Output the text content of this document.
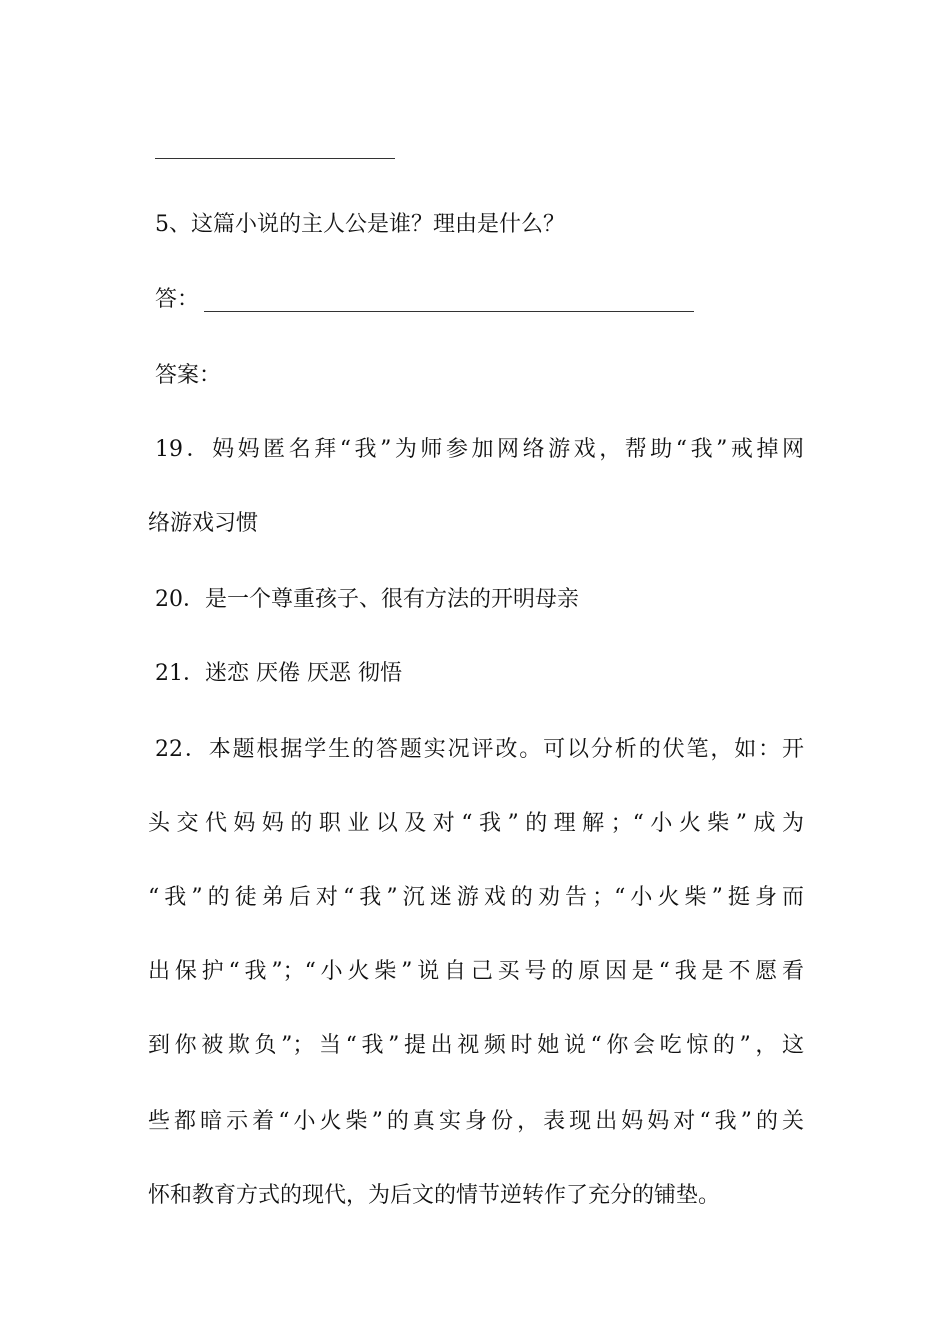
5、这篇小说的主人公是谁？理由是什么？
答：
答案：
19．妈妈匿名拜“我”为师参加网络游戏，帮助“我”戒掉网
络游戏习惯
20．是一个尊重孩子、很有方法的开明母亲
21．迷恋 厌倦 厌恶 彻悟
22．本题根据学生的答题实况评改。可以分析的伏笔，如：开
头交代妈妈的职业以及对“我”的理解；“小火柴”成为
“我”的徒弟后对“我”沉迷游戏的劝告；“小火柴”挺身而
出保护“我”；“小火柴”说自己买号的原因是“我是不愿看
到你被欺负”；当“我”提出视频时她说“你会吃惊的”，这
些都暗示着“小火柴”的真实身份，表现出妈妈对“我”的关
怀和教育方式的现代，为后文的情节逆转作了充分的铺垫。
